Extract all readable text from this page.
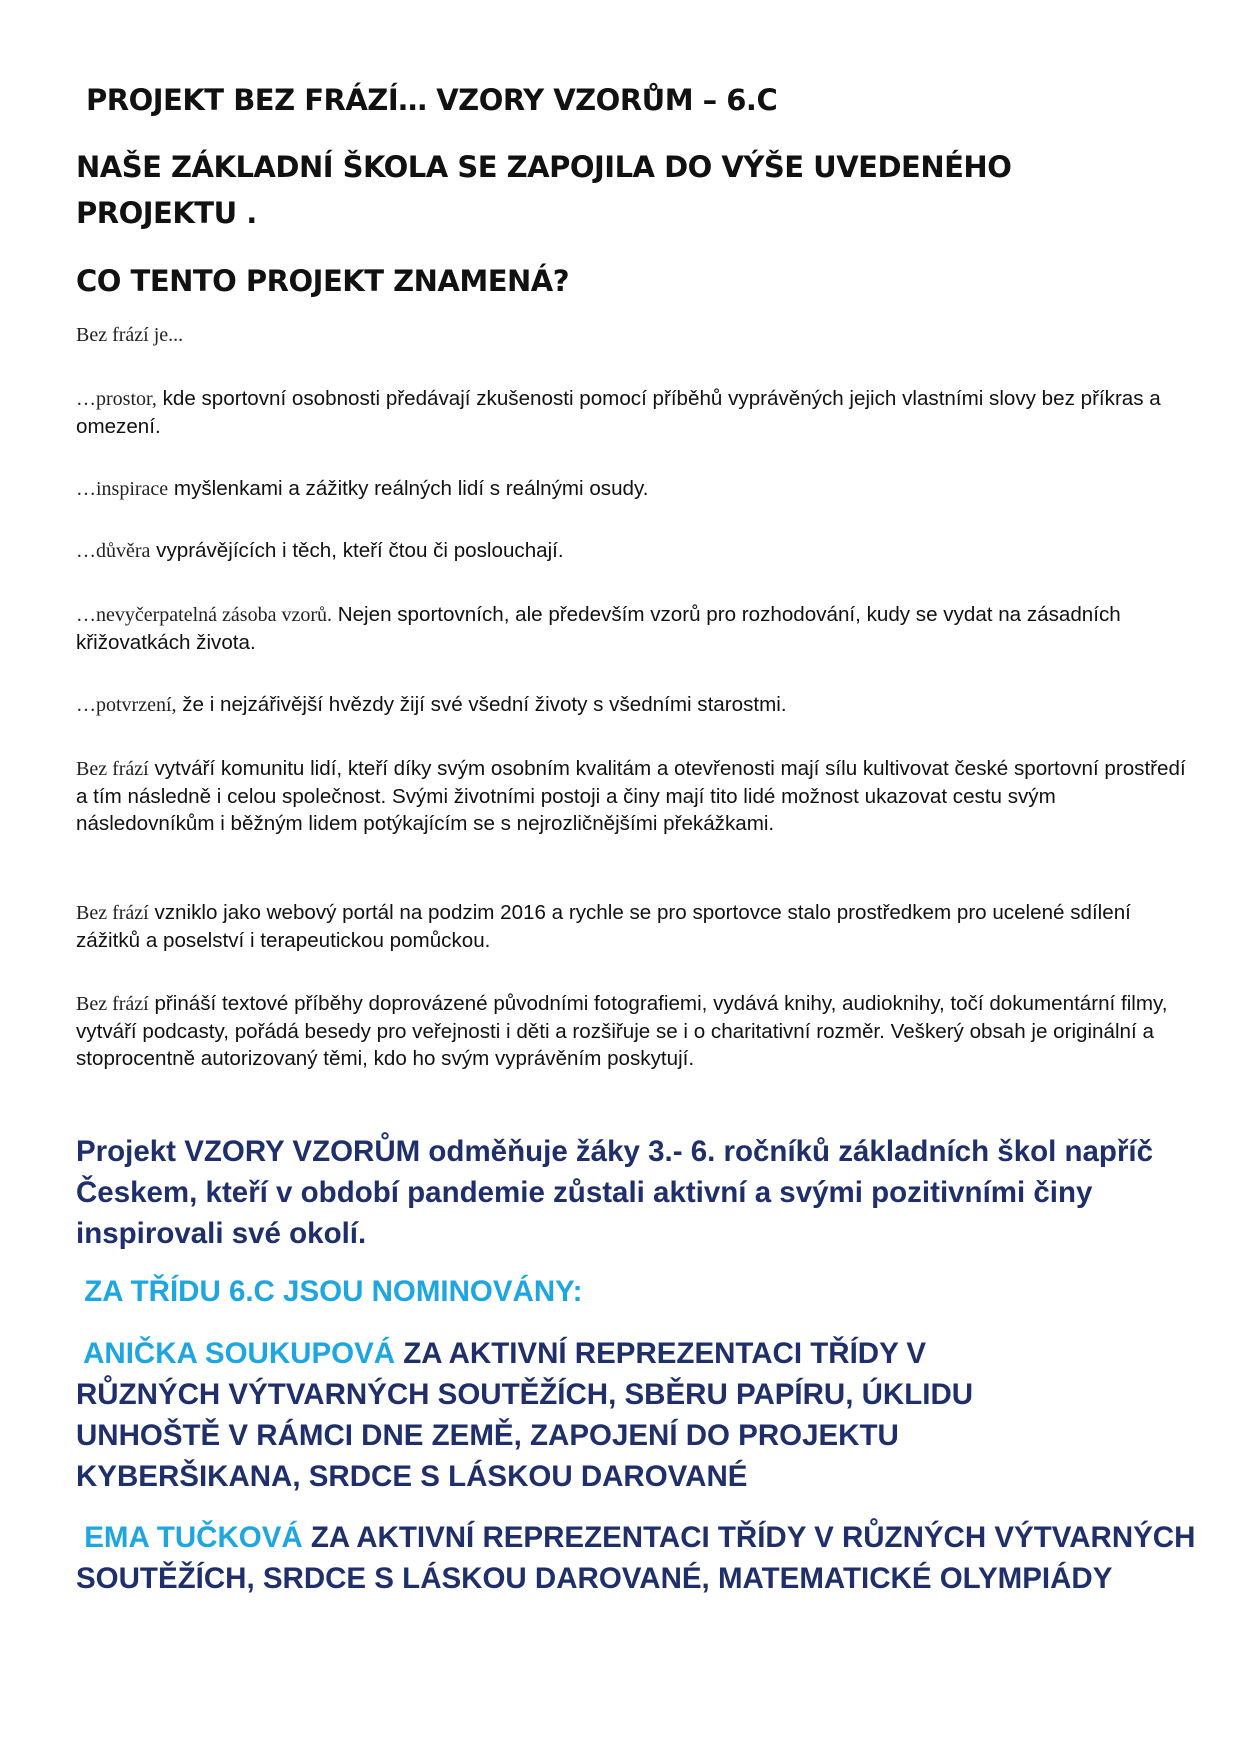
PROJEKT BEZ FRÁZÍ… VZORY VZORŮM – 6.C
NAŠE ZÁKLADNÍ ŠKOLA SE ZAPOJILA DO VÝŠE UVEDENÉHO PROJEKTU .
CO TENTO PROJEKT ZNAMENÁ?

Bez frází je...

…prostor, kde sportovní osobnosti předávají zkušenosti pomocí příběhů vyprávěných jejich vlastními slovy bez příkras a omezení.

…inspirace myšlenkami a zážitky reálných lidí s reálnými osudy.

…důvěra vyprávějících i těch, kteří čtou či poslouchají.

…nevyčerpatelná zásoba vzorů. Nejen sportovních, ale především vzorů pro rozhodování, kudy se vydat na zásadních křižovatkách života.

…potvrzení, že i nejzářivější hvězdy žijí své všední životy s všedními starostmi.

Bez frází vytváří komunitu lidí, kteří díky svým osobním kvalitám a otevřenosti mají sílu kultivovat české sportovní prostředí a tím následně i celou společnost. Svými životními postoji a činy mají tito lidé možnost ukazovat cestu svým následovníkům i běžným lidem potýkajícím se s nejrozličnějšími překážkami.

Bez frází vzniklo jako webový portál na podzim 2016 a rychle se pro sportovce stalo prostředkem pro ucelené sdílení zážitků a poselství i terapeutickou pomůckou.

Bez frází přináší textové příběhy doprovázené původními fotografiemi, vydává knihy, audioknihy, točí dokumentární filmy, vytváří podcasty, pořádá besedy pro veřejnosti i děti a rozšiřuje se i o charitativní rozměr. Veškerý obsah je originální a stoprocentně autorizovaný těmi, kdo ho svým vyprávěním poskytují.

Projekt VZORY VZORŮM odměňuje žáky 3.- 6. ročníků základních škol napříč Českem, kteří v období pandemie zůstali aktivní a svými pozitivními činy inspirovali své okolí.

ZA TŘÍDU 6.C JSOU NOMINOVÁNY:

ANIČKA SOUKUPOVÁ ZA AKTIVNÍ REPREZENTACI TŘÍDY V RŮZNÝCH VÝTVARNÝCH SOUTĚŽÍCH, SBĚRU PAPÍRU, ÚKLIDU UNHOŠTĚ V RÁMCI DNE ZEMĚ, ZAPOJENÍ DO PROJEKTU KYBERŠIKANA, SRDCE S LÁSKOU DAROVANÉ

EMA TUČKOVÁ ZA AKTIVNÍ REPREZENTACI TŘÍDY V RŮZNÝCH VÝTVARNÝCH SOUTĚŽÍCH, SRDCE S LÁSKOU DAROVANÉ, MATEMATICKÉ OLYMPIÁDY
